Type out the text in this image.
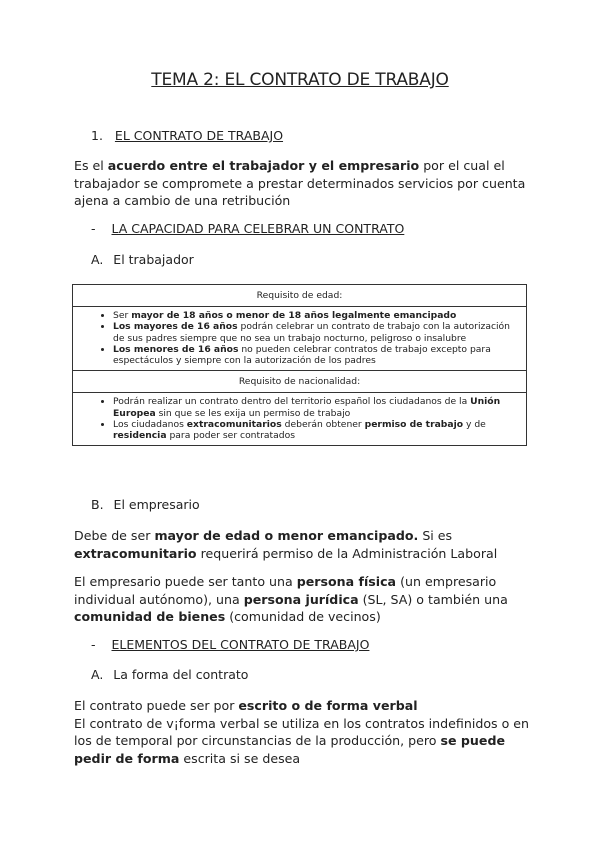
TEMA 2: EL CONTRATO DE TRABAJO
1. EL CONTRATO DE TRABAJO
Es el acuerdo entre el trabajador y el empresario por el cual el trabajador se compromete a prestar determinados servicios por cuenta ajena a cambio de una retribución
- LA CAPACIDAD PARA CELEBRAR UN CONTRATO
A. El trabajador
Requisito de edad:

• Ser mayor de 18 años o menor de 18 años legalmente emancipado
• Los mayores de 16 años podrán celebrar un contrato de trabajo con la autorización de sus padres siempre que no sea un trabajo nocturno, peligroso o insalubre
• Los menores de 16 años no pueden celebrar contratos de trabajo excepto para espectáculos y siempre con la autorización de los padres

Requisito de nacionalidad:

• Podrán realizar un contrato dentro del territorio español los ciudadanos de la Unión Europea sin que se les exija un permiso de trabajo
• Los ciudadanos extracomunitarios deberán obtener permiso de trabajo y de residencia para poder ser contratados
B. El empresario
Debe de ser mayor de edad o menor emancipado. Si es extracomunitario requerirá permiso de la Administración Laboral
El empresario puede ser tanto una persona física (un empresario individual autónomo), una persona jurídica (SL, SA) o también una comunidad de bienes (comunidad de vecinos)
- ELEMENTOS DEL CONTRATO DE TRABAJO
A. La forma del contrato
El contrato puede ser por escrito o de forma verbal
El contrato de v¡forma verbal se utiliza en los contratos indefinidos o en los de temporal por circunstancias de la producción, pero se puede pedir de forma escrita si se desea
